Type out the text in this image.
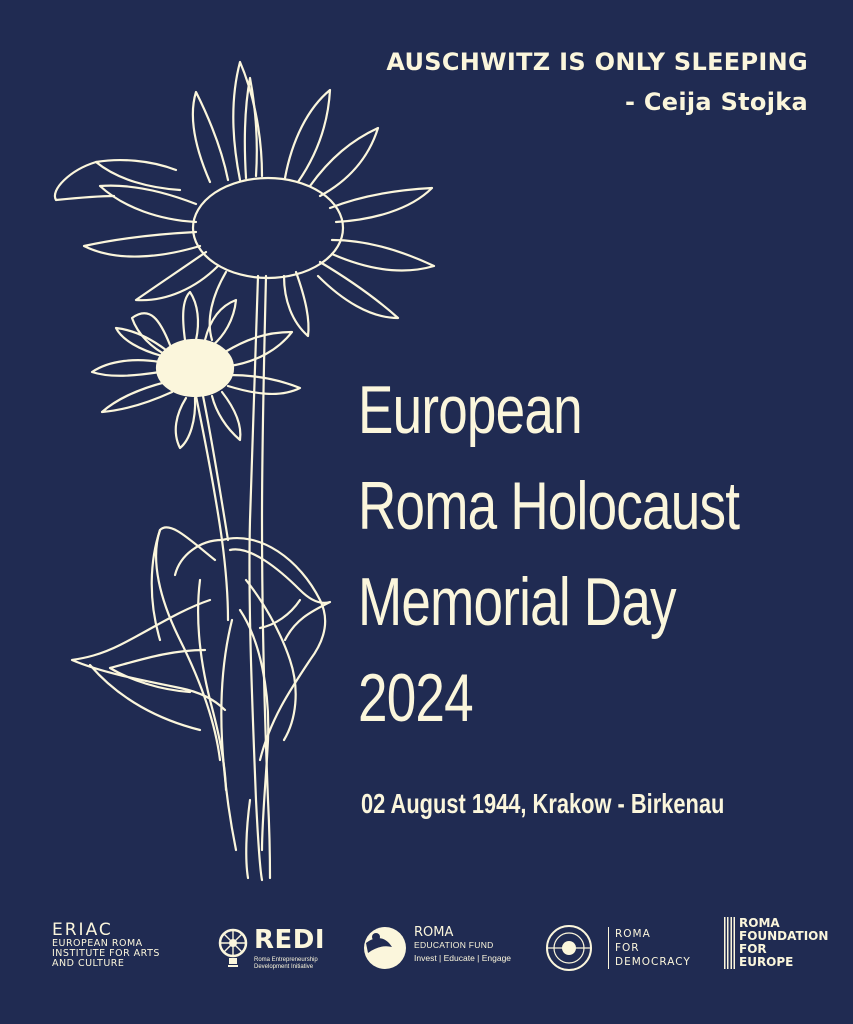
AUSCHWITZ IS ONLY SLEEPING
- Ceija Stojka
European
Roma Holocaust
Memorial Day
2024
02 August 1944, Krakow - Birkenau
ERIAC
EUROPEAN ROMA
INSTITUTE FOR ARTS
AND CULTURE
REDI
Roma Entrepreneurship
Development Initiative
ROMA
EDUCATION FUND
Invest | Educate | Engage
ROMA
FOR
DEMOCRACY
ROMA
FOUNDATION
FOR
EUROPE
